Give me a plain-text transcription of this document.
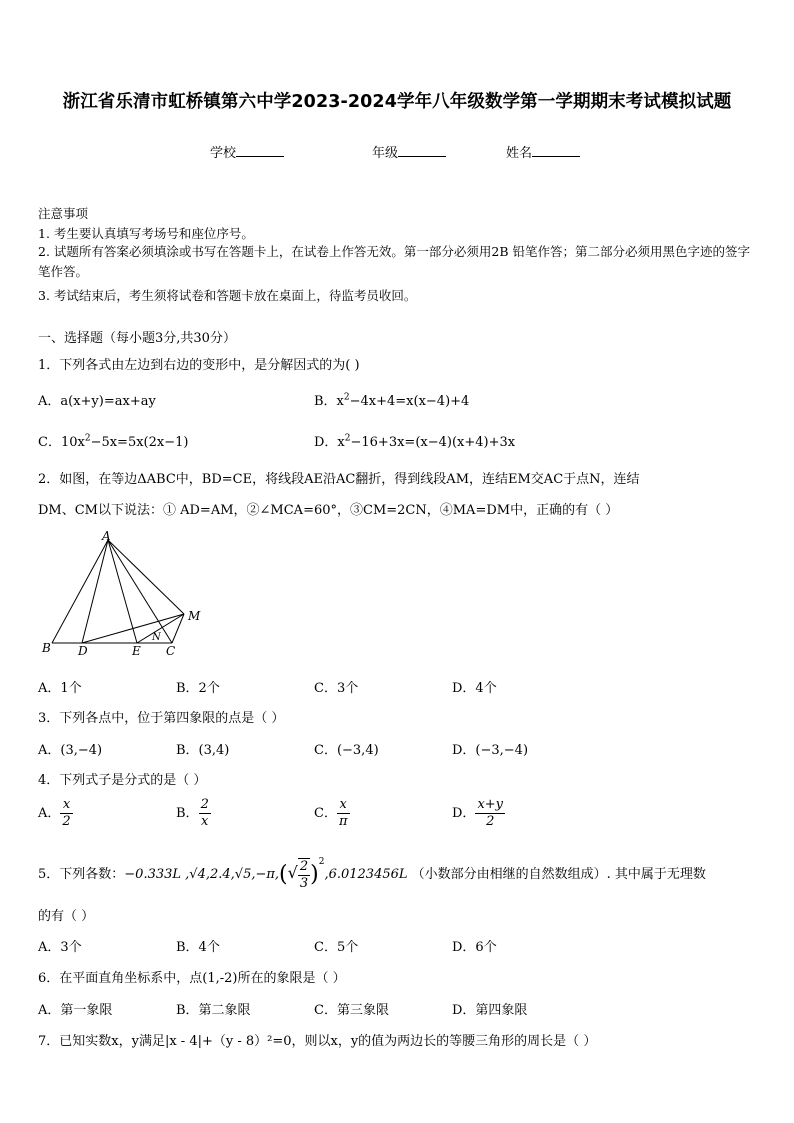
浙江省乐清市虹桥镇第六中学2023-2024学年八年级数学第一学期期末考试模拟试题
学校	年级	姓名
注意事项
1. 考生要认真填写考场号和座位序号。
2. 试题所有答案必须填涂或书写在答题卡上，在试卷上作答无效。第一部分必须用2B 铅笔作答；第二部分必须用黑色字迹的签字笔作答。
3. 考试结束后，考生须将试卷和答题卡放在桌面上，待监考员收回。
一、选择题（每小题3分,共30分）
1．下列各式由左边到右边的变形中，是分解因式的为( )
A．a(x+y)=ax+ay	B．$x^2-4x+4=x(x-4)+4$
C．$10x^2-5x=5x(2x-1)$	D．$x^2-16+3x=(x-4)(x+4)+3x$
2．如图，在等边ΔABC中，BD=CE，将线段AE沿AC翻折，得到线段AM，连结EM交AC于点N，连结
DM、CM以下说法：① AD=AM，②∠MCA=60°，③CM=2CN，④MA=DM中，正确的有（ ）
A
B D	E C
M
N
A．1个	B．2个	C．3个	D．4个
3．下列各点中，位于第四象限的点是（ ）
A．(3,−4)	B．(3,4)	C．(−3,4)	D．(−3,−4)
4．下列式子是分式的是（ ）
A． $\frac{x}{2}$	B． $\frac{2}{x}$	C． $\frac{x}{\pi}$	D． $\frac{x+y}{2}$
5．下列各数：−0.333L $,√4,2.4,√5,-\pi,(√ \frac{2}{3} )^2,6.0123456L$ （小数部分由相继的自然数组成）. 其中属于无理数
的有（ ）
A．3个	B．4个	C．5个	D．6个
6．在平面直角坐标系中，点(1,-2)所在的象限是（ ）
A．第一象限	B．第二象限	C．第三象限	D．第四象限
7．已知实数x，y满足|x - 4|+（y - 8）²=0，则以x，y的值为两边长的等腰三角形的周长是（ ）
